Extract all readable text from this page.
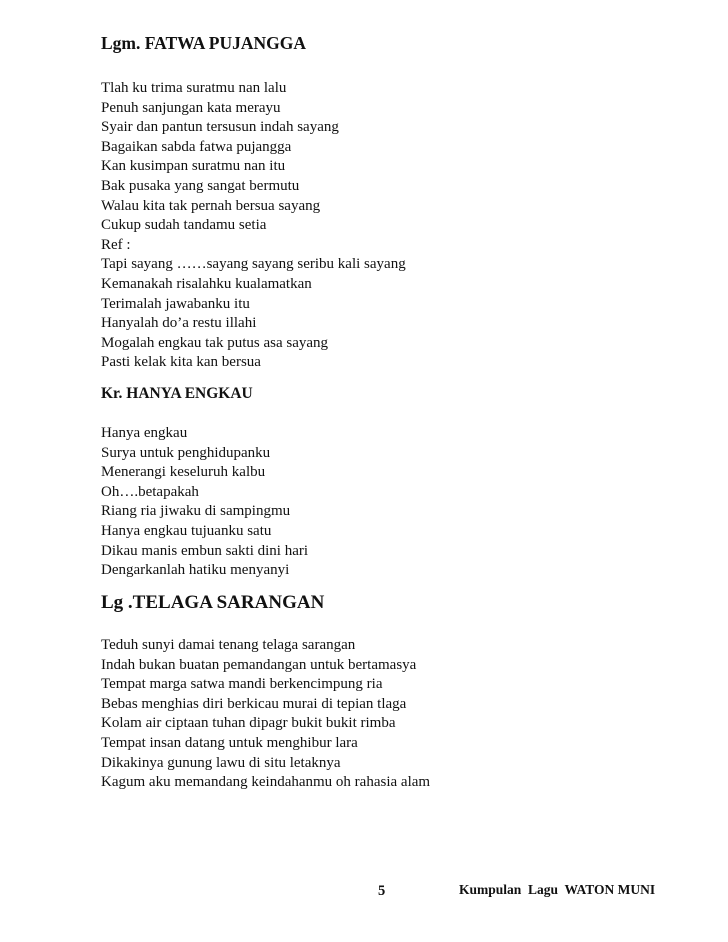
Lgm. FATWA PUJANGGA
Tlah ku trima suratmu nan lalu
Penuh sanjungan kata merayu
Syair dan pantun tersusun indah sayang
Bagaikan sabda fatwa pujangga
Kan kusimpan suratmu nan itu
Bak pusaka yang sangat bermutu
Walau kita tak pernah bersua sayang
Cukup sudah tandamu setia
Ref :
Tapi sayang ……sayang sayang seribu kali sayang
Kemanakah risalahku kualamatkan
Terimalah jawabanku itu
Hanyalah do’a restu illahi
Mogalah engkau tak putus asa sayang
Pasti kelak kita kan bersua
Kr. HANYA ENGKAU
Hanya engkau
Surya untuk penghidupanku
Menerangi keseluruh kalbu
Oh….betapakah
Riang ria jiwaku di sampingmu
Hanya engkau tujuanku satu
Dikau manis embun sakti dini hari
Dengarkanlah hatiku menyanyi
Lg .TELAGA SARANGAN
Teduh sunyi damai tenang telaga sarangan
Indah bukan buatan pemandangan untuk bertamasya
Tempat marga satwa mandi berkencimpung ria
Bebas menghias diri berkicau murai di tepian tlaga
Kolam air ciptaan tuhan dipagr bukit bukit rimba
Tempat insan datang untuk menghibur lara
Dikakinya gunung lawu di situ letaknya
Kagum aku memandang keindahanmu oh rahasia alam
5	Kumpulan  Lagu  WATON MUNI
